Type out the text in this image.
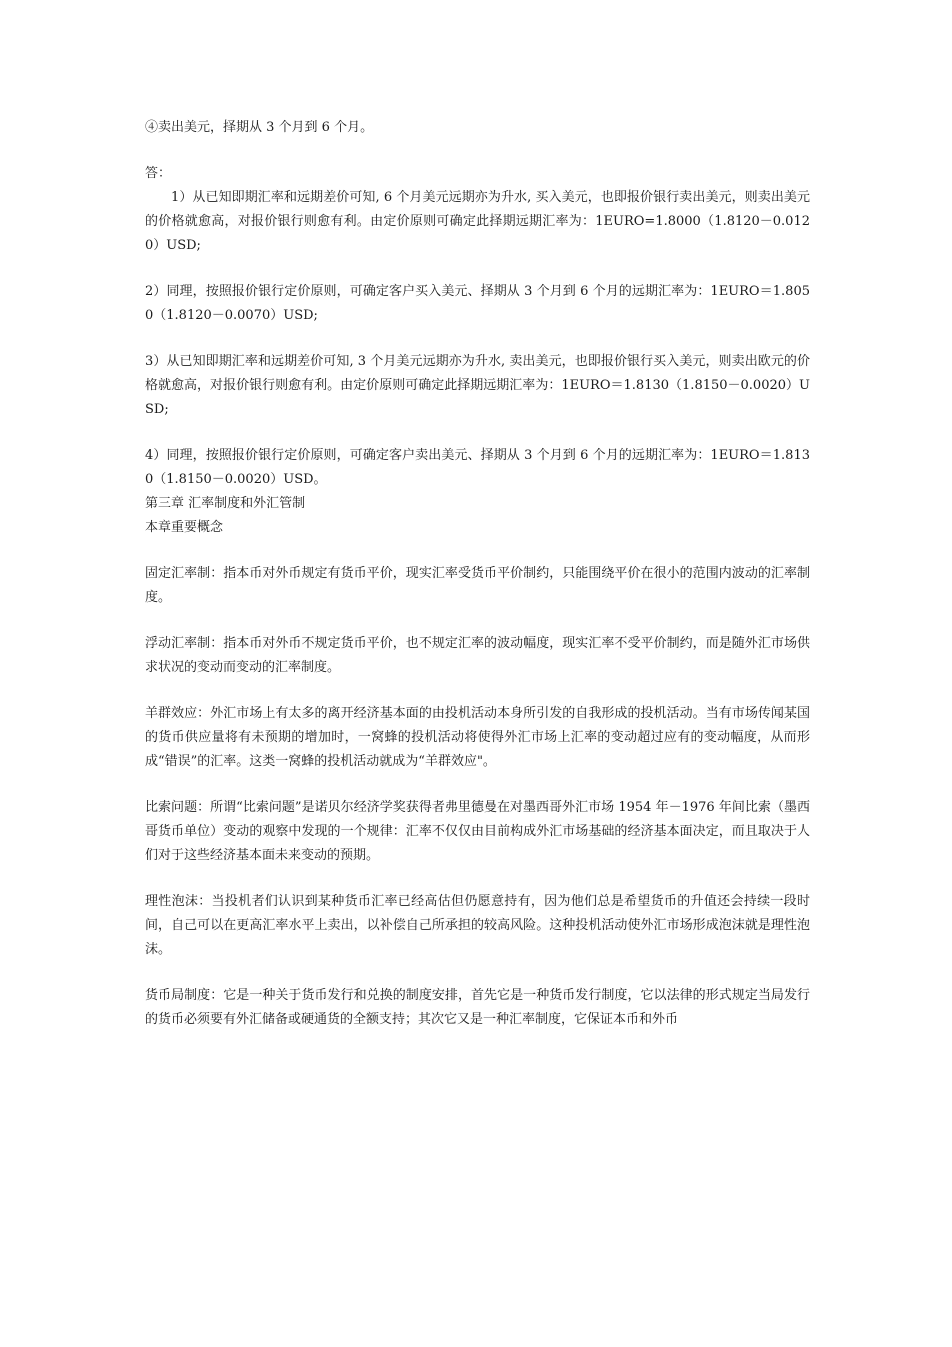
④卖出美元，择期从 3 个月到 6 个月。

答：

1）从已知即期汇率和远期差价可知, 6 个月美元远期亦为升水, 买入美元，也即报价银行卖出美元，则卖出美元的价格就愈高，对报价银行则愈有利。由定价原则可确定此择期远期汇率为：1EURO=1.8000（1.8120－0.0120）USD;

2）同理，按照报价银行定价原则，可确定客户买入美元、择期从 3 个月到 6 个月的远期汇率为：1EURO＝1.8050（1.8120－0.0070）USD;

3）从已知即期汇率和远期差价可知, 3 个月美元远期亦为升水, 卖出美元，也即报价银行买入美元，则卖出欧元的价格就愈高，对报价银行则愈有利。由定价原则可确定此择期远期汇率为：1EURO＝1.8130（1.8150－0.0020）USD;

4）同理，按照报价银行定价原则，可确定客户卖出美元、择期从 3 个月到 6 个月的远期汇率为：1EURO＝1.8130（1.8150－0.0020）USD。

第三章 汇率制度和外汇管制

本章重要概念

固定汇率制：指本币对外币规定有货币平价，现实汇率受货币平价制约，只能围绕平价在很小的范围内波动的汇率制度。

浮动汇率制：指本币对外币不规定货币平价，也不规定汇率的波动幅度，现实汇率不受平价制约，而是随外汇市场供求状况的变动而变动的汇率制度。

羊群效应：外汇市场上有太多的离开经济基本面的由投机活动本身所引发的自我形成的投机活动。当有市场传闻某国的货币供应量将有未预期的增加时，一窝蜂的投机活动将使得外汇市场上汇率的变动超过应有的变动幅度，从而形成“错误”的汇率。这类一窝蜂的投机活动就成为“羊群效应"。

比索问题：所谓“比索问题”是诺贝尔经济学奖获得者弗里德曼在对墨西哥外汇市场 1954 年－1976 年间比索（墨西哥货币单位）变动的观察中发现的一个规律：汇率不仅仅由目前构成外汇市场基础的经济基本面决定，而且取决于人们对于这些经济基本面未来变动的预期。

理性泡沫：当投机者们认识到某种货币汇率已经高估但仍愿意持有，因为他们总是希望货币的升值还会持续一段时间，自己可以在更高汇率水平上卖出，以补偿自己所承担的较高风险。这种投机活动使外汇市场形成泡沫就是理性泡沫。

货币局制度：它是一种关于货币发行和兑换的制度安排，首先它是一种货币发行制度，它以法律的形式规定当局发行的货币必须要有外汇储备或硬通货的全额支持；其次它又是一种汇率制度，它保证本币和外币
